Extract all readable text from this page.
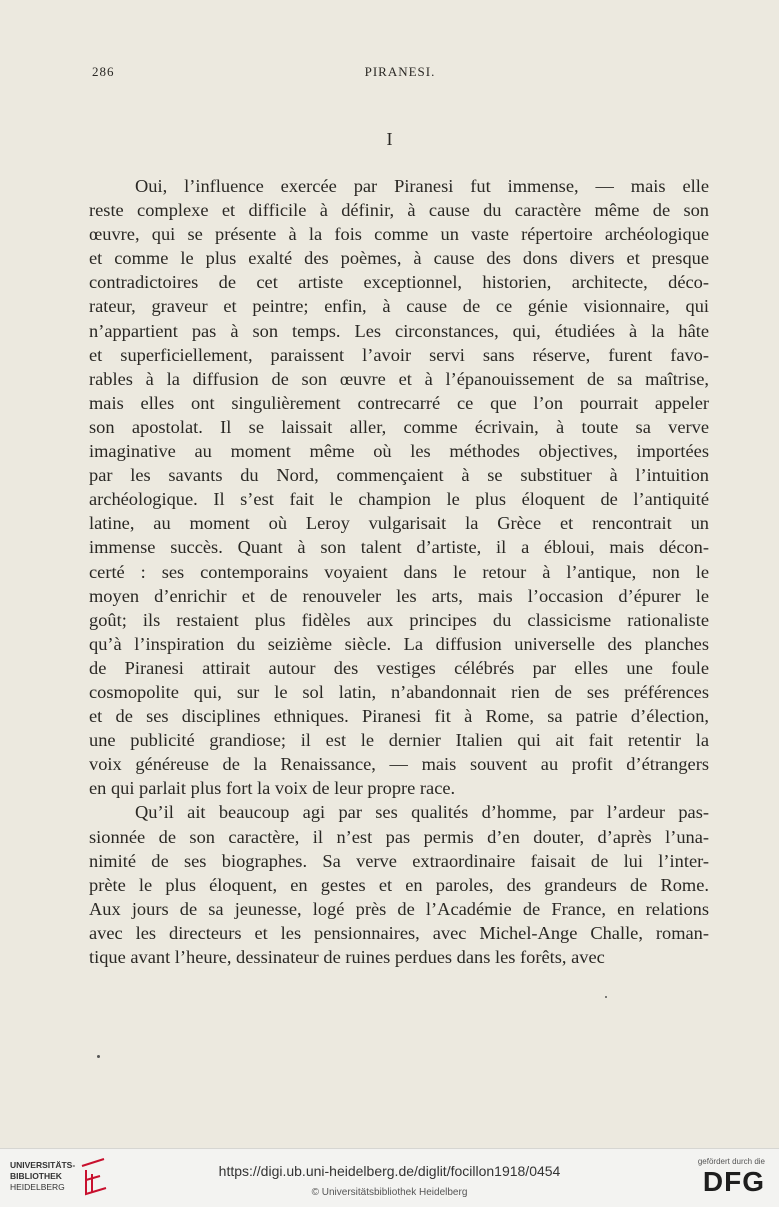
286	PIRANESI.
I

Oui, l’influence exercée par Piranesi fut immense, — mais elle
reste complexe et difficile à définir, à cause du caractère même de son
œuvre, qui se présente à la fois comme un vaste répertoire archéologique
et comme le plus exalté des poèmes, à cause des dons divers et presque
contradictoires de cet artiste exceptionnel, historien, architecte, déco-
rateur, graveur et peintre; enfin, à cause de ce génie visionnaire, qui
n’appartient pas à son temps. Les circonstances, qui, étudiées à la hâte
et superficiellement, paraissent l’avoir servi sans réserve, furent favo-
rables à la diffusion de son œuvre et à l’épanouissement de sa maîtrise,
mais elles ont singulièrement contrecarré ce que l’on pourrait appeler
son apostolat. Il se laissait aller, comme écrivain, à toute sa verve
imaginative au moment même où les méthodes objectives, importées
par les savants du Nord, commençaient à se substituer à l’intuition
archéologique. Il s’est fait le champion le plus éloquent de l’antiquité
latine, au moment où Leroy vulgarisait la Grèce et rencontrait un
immense succès. Quant à son talent d’artiste, il a ébloui, mais décon-
certé : ses contemporains voyaient dans le retour à l’antique, non le
moyen d’enrichir et de renouveler les arts, mais l’occasion d’épurer le
goût; ils restaient plus fidèles aux principes du classicisme rationaliste
qu’à l’inspiration du seizième siècle. La diffusion universelle des planches
de Piranesi attirait autour des vestiges célébrés par elles une foule
cosmopolite qui, sur le sol latin, n’abandonnait rien de ses préférences
et de ses disciplines ethniques. Piranesi fit à Rome, sa patrie d’élection,
une publicité grandiose; il est le dernier Italien qui ait fait retentir la
voix généreuse de la Renaissance, — mais souvent au profit d’étrangers
en qui parlait plus fort la voix de leur propre race.

Qu’il ait beaucoup agi par ses qualités d’homme, par l’ardeur pas-
sionnée de son caractère, il n’est pas permis d’en douter, d’après l’una-
nimité de ses biographes. Sa verve extraordinaire faisait de lui l’inter-
prète le plus éloquent, en gestes et en paroles, des grandeurs de Rome.
Aux jours de sa jeunesse, logé près de l’Académie de France, en relations
avec les directeurs et les pensionnaires, avec Michel-Ange Challe, roman-
tique avant l’heure, dessinateur de ruines perdues dans les forêts, avec

UNIVERSITÄTS-
BIBLIOTHEK
HEIDELBERG
https://digi.ub.uni-heidelberg.de/diglit/focillon1918/0454
© Universitätsbibliothek Heidelberg
gefördert durch die
DFG
